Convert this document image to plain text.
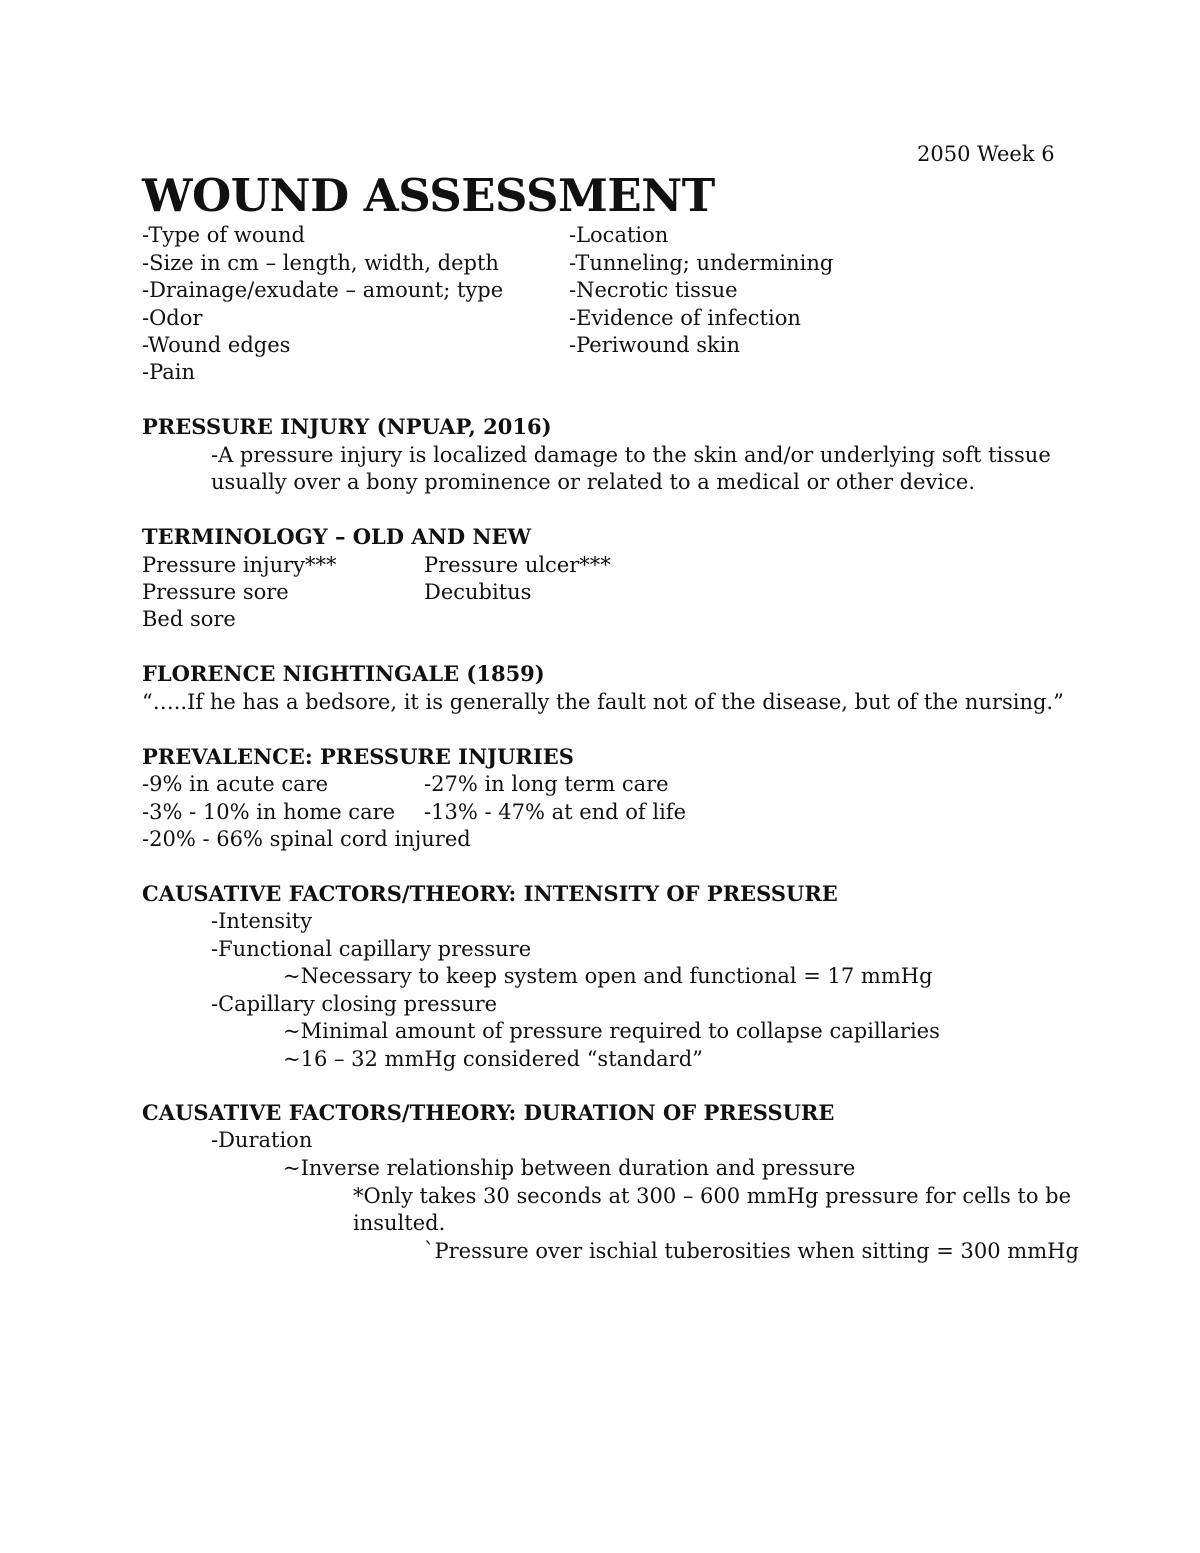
2050 Week 6
WOUND ASSESSMENT
-Type of wound
-Size in cm – length, width, depth
-Drainage/exudate – amount; type
-Odor
-Wound edges
-Pain
-Location
-Tunneling; undermining
-Necrotic tissue
-Evidence of infection
-Periwound skin
PRESSURE INJURY (NPUAP, 2016)
-A pressure injury is localized damage to the skin and/or underlying soft tissue
usually over a bony prominence or related to a medical or other device.
TERMINOLOGY – OLD AND NEW
Pressure injury***
Pressure sore
Bed sore
Pressure ulcer***
Decubitus
FLORENCE NIGHTINGALE (1859)
“…..If he has a bedsore, it is generally the fault not of the disease, but of the nursing.”
PREVALENCE: PRESSURE INJURIES
-9% in acute care
-3% - 10% in home care
-20% - 66% spinal cord injured
-27% in long term care
-13% - 47% at end of life
CAUSATIVE FACTORS/THEORY: INTENSITY OF PRESSURE
-Intensity
-Functional capillary pressure
~Necessary to keep system open and functional = 17 mmHg
-Capillary closing pressure
~Minimal amount of pressure required to collapse capillaries
~16 – 32 mmHg considered “standard”
CAUSATIVE FACTORS/THEORY: DURATION OF PRESSURE
-Duration
~Inverse relationship between duration and pressure
*Only takes 30 seconds at 300 – 600 mmHg pressure for cells to be
insulted.
`Pressure over ischial tuberosities when sitting = 300 mmHg
